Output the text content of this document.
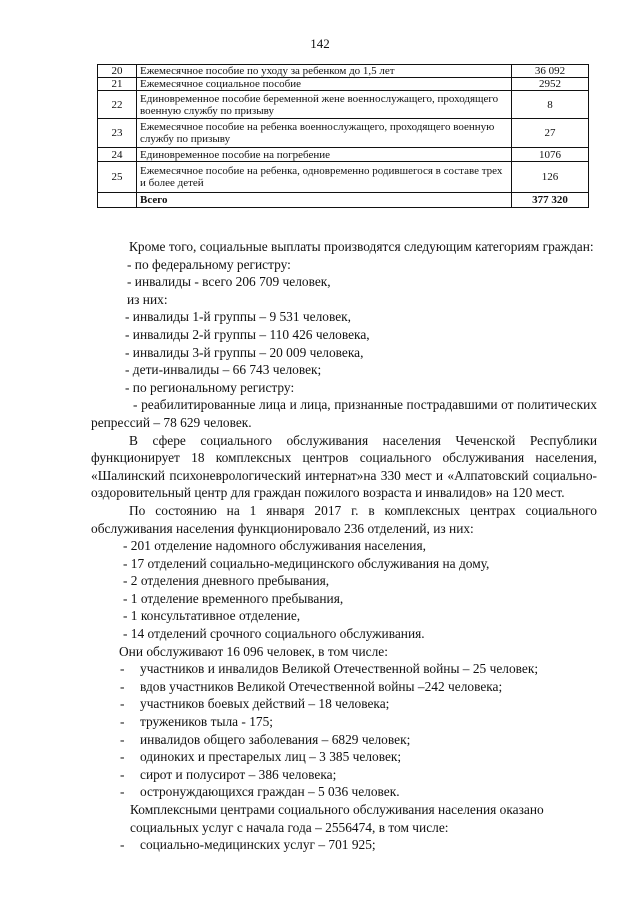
142
20	Ежемесячное пособие по уходу за ребенком до 1,5 лет	36 092
21	Ежемесячное социальное пособие	2952
22	Единовременное пособие беременной жене военнослужащего, проходящего военную службу по призыву	8
23	Ежемесячное пособие на ребенка военнослужащего, проходящего военную службу по призыву	27
24	Единовременное пособие на погребение	1076
25	Ежемесячное пособие на ребенка, одновременно родившегося в составе трех и более детей	126
	Всего	377 320

Кроме того, социальные выплаты производятся следующим категориям граждан:

- по федеральному регистру:

- инвалиды - всего 206 709 человек,

из них:

- инвалиды 1-й группы – 9 531 человек,

- инвалиды 2-й группы – 110 426 человека,

- инвалиды 3-й группы – 20 009 человека,

- дети-инвалиды – 66 743 человек;

- по региональному регистру:

- реабилитированные лица и лица, признанные пострадавшими от политических репрессий – 78 629 человек.

В сфере социального обслуживания населения Чеченской Республики функционирует 18 комплексных центров социального обслуживания населения, «Шалинский психоневрологический интернат»на 330 мест и «Алпатовский социально-оздоровительный центр для граждан пожилого возраста и инвалидов» на 120 мест.

По состоянию на 1 января 2017 г. в комплексных центрах социального обслуживания населения функционировало 236 отделений, из них:

- 201 отделение надомного обслуживания населения,

- 17 отделений социально-медицинского обслуживания на дому,

- 2 отделения дневного пребывания,

- 1 отделение временного пребывания,

- 1 консультативное отделение,

- 14 отделений срочного социального обслуживания.

Они обслуживают 16 096 человек, в том числе:

- участников и инвалидов Великой Отечественной войны – 25 человек;

- вдов участников Великой Отечественной войны –242 человека;

- участников боевых действий – 18 человека;

- тружеников тыла - 175;

- инвалидов общего заболевания – 6829 человек;

- одиноких и престарелых лиц – 3 385 человек;

- сирот и полусирот – 386 человека;

- остронуждающихся граждан – 5 036 человек.

Комплексными центрами социального обслуживания населения оказано

социальных услуг с начала года – 2556474, в том числе:

- социально-медицинских услуг – 701 925;
